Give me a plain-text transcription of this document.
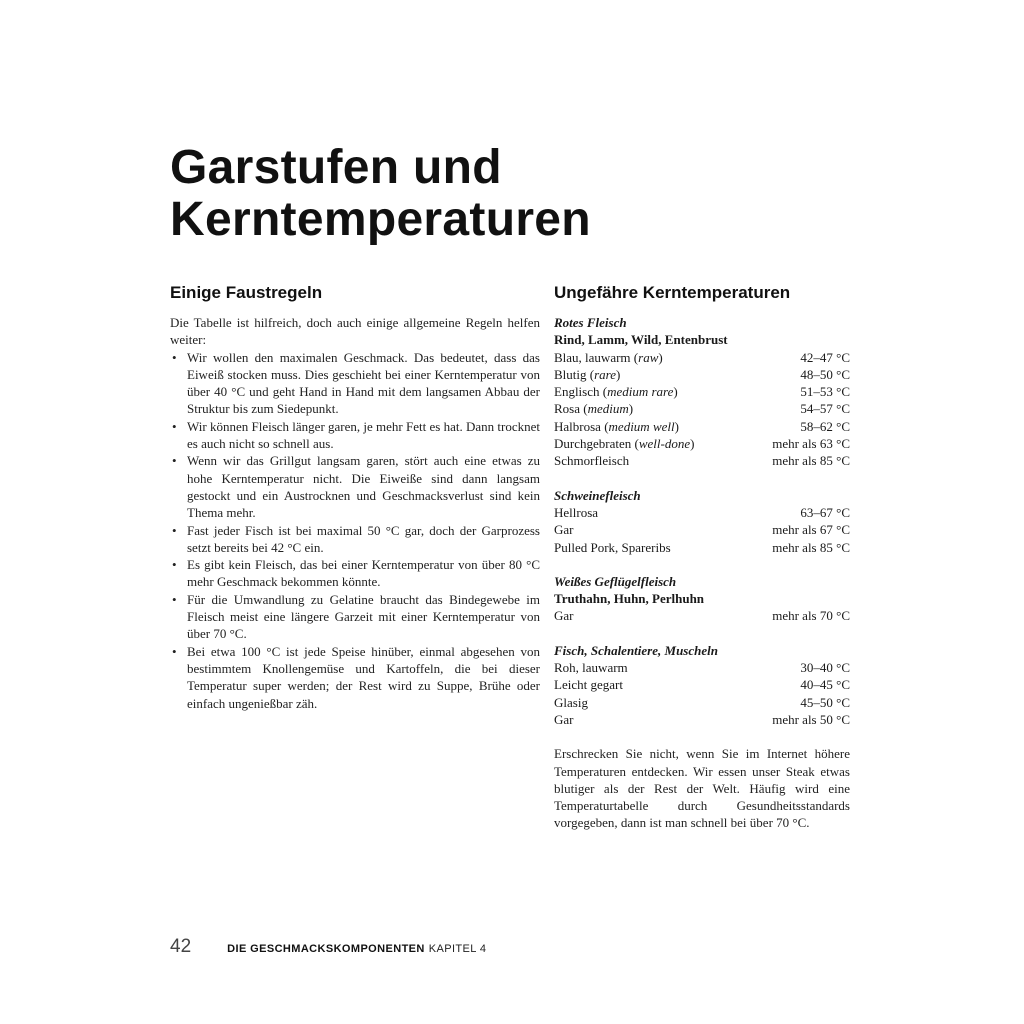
Garstufen und
Kerntemperaturen
Einige Faustregeln
Die Tabelle ist hilfreich, doch auch einige allgemeine Regeln helfen weiter:
• Wir wollen den maximalen Geschmack. Das bedeutet, dass das Eiweiß stocken muss. Dies geschieht bei einer Kerntemperatur von über 40 °C und geht Hand in Hand mit dem langsamen Abbau der Struktur bis zum Siedepunkt.
• Wir können Fleisch länger garen, je mehr Fett es hat. Dann trocknet es auch nicht so schnell aus.
• Wenn wir das Grillgut langsam garen, stört auch eine etwas zu hohe Kerntemperatur nicht. Die Eiweiße sind dann langsam gestockt und ein Austrocknen und Geschmacksverlust sind kein Thema mehr.
• Fast jeder Fisch ist bei maximal 50 °C gar, doch der Garprozess setzt bereits bei 42 °C ein.
• Es gibt kein Fleisch, das bei einer Kerntemperatur von über 80 °C mehr Geschmack bekommen könnte.
• Für die Umwandlung zu Gelatine braucht das Bindegewebe im Fleisch meist eine längere Garzeit mit einer Kerntemperatur von über 70 °C.
• Bei etwa 100 °C ist jede Speise hinüber, einmal abgesehen von bestimmtem Knollengemüse und Kartoffeln, die bei dieser Temperatur super werden; der Rest wird zu Suppe, Brühe oder einfach ungenießbar zäh.
Ungefähre Kerntemperaturen
Rotes Fleisch
Rind, Lamm, Wild, Entenbrust
Blau, lauwarm (raw)	42–47 °C
Blutig (rare)	48–50 °C
Englisch (medium rare)	51–53 °C
Rosa (medium)	54–57 °C
Halbrosa (medium well)	58–62 °C
Durchgebraten (well-done)	mehr als 63 °C
Schmorfleisch	mehr als 85 °C
Schweinefleisch
Hellrosa	63–67 °C
Gar	mehr als 67 °C
Pulled Pork, Spareribs	mehr als 85 °C
Weißes Geflügelfleisch
Truthahn, Huhn, Perlhuhn
Gar	mehr als 70 °C
Fisch, Schalentiere, Muscheln
Roh, lauwarm	30–40 °C
Leicht gegart	40–45 °C
Glasig	45–50 °C
Gar	mehr als 50 °C
Erschrecken Sie nicht, wenn Sie im Internet höhere Temperaturen entdecken. Wir essen unser Steak etwas blutiger als der Rest der Welt. Häufig wird eine Temperaturtabelle durch Gesundheitsstandards vorgegeben, dann ist man schnell bei über 70 °C.
42	DIE GESCHMACKSKOMPONENTEN KAPITEL 4
